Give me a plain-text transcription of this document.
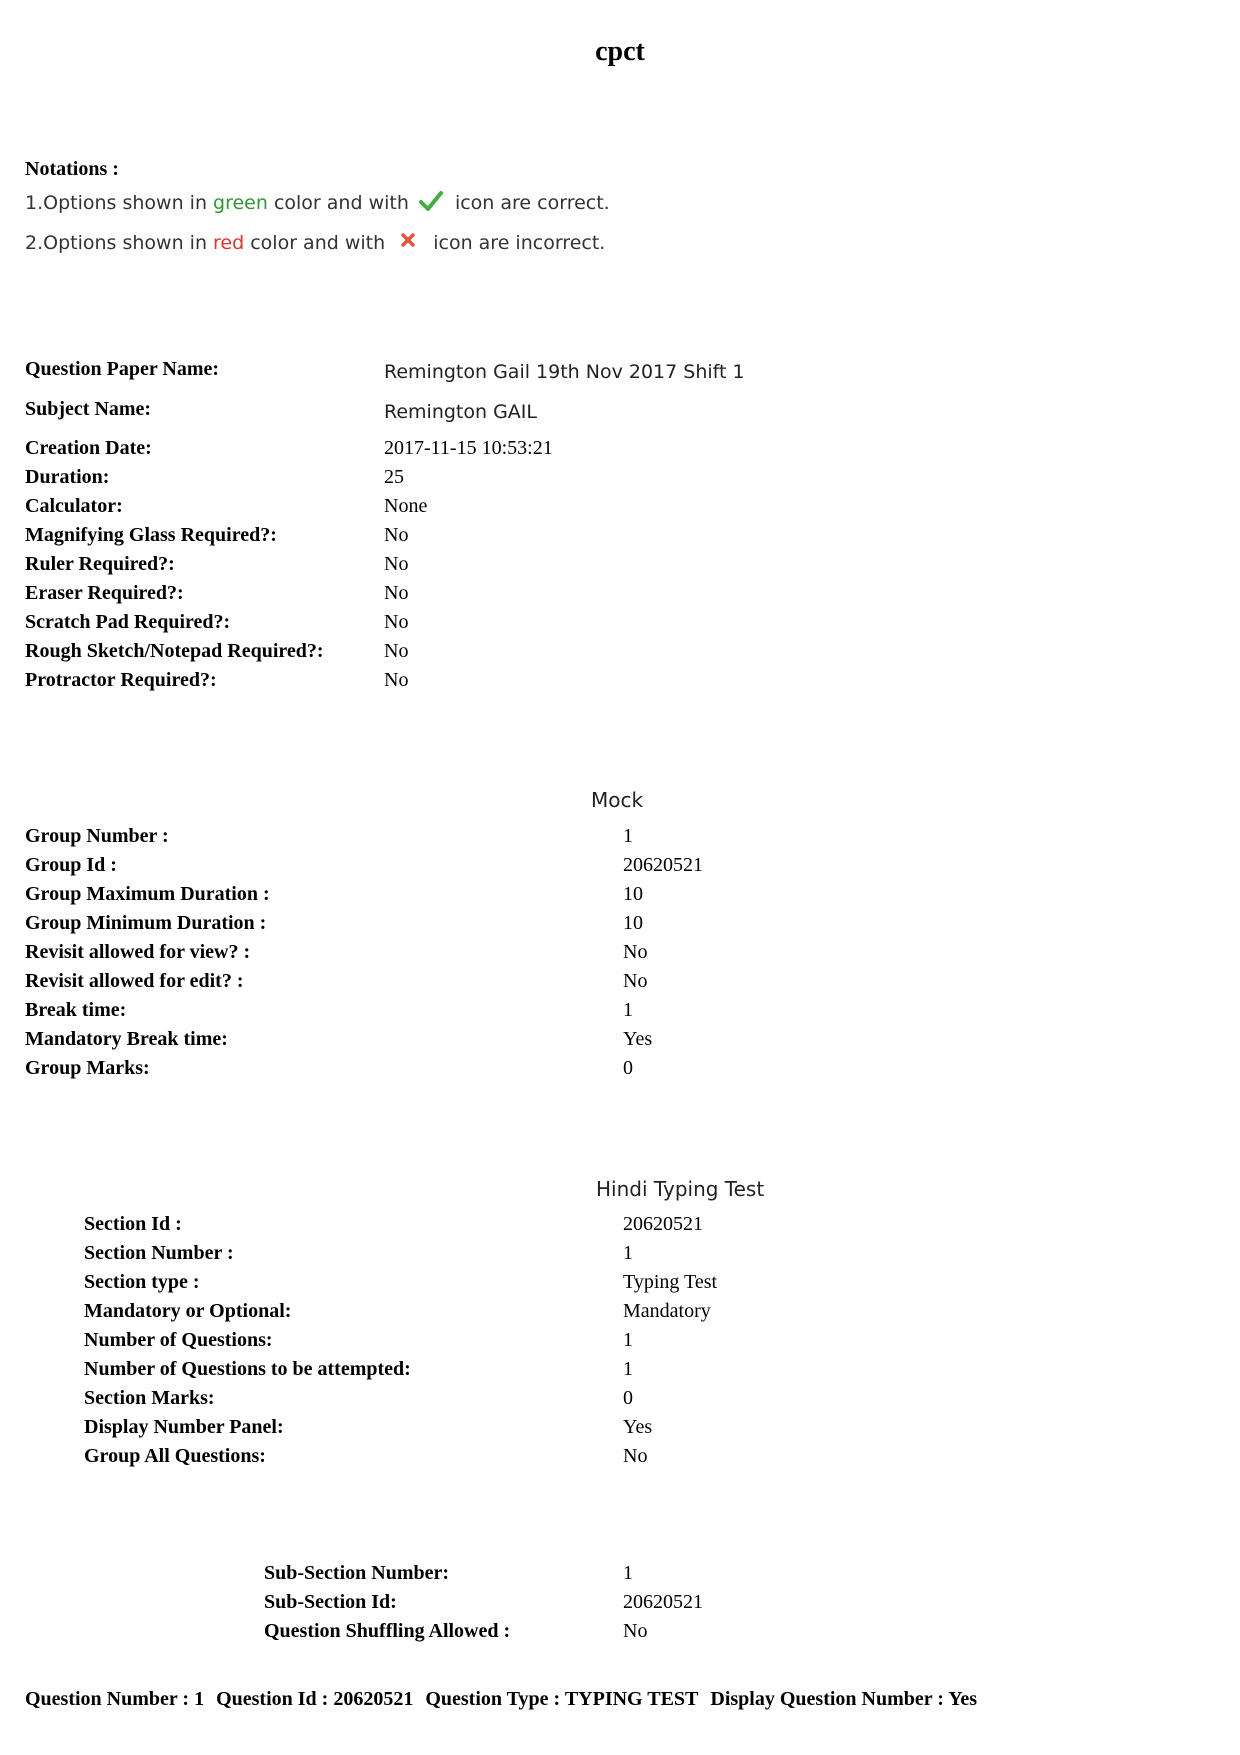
cpct
Notations :
1.Options shown in green color and with  icon are correct.
2.Options shown in red color and with  icon are incorrect.
Question Paper Name:	Remington Gail 19th Nov 2017 Shift 1
Subject Name:	Remington GAIL
Creation Date:	2017-11-15 10:53:21
Duration:	25
Calculator:	None
Magnifying Glass Required?:	No
Ruler Required?:	No
Eraser Required?:	No
Scratch Pad Required?:	No
Rough Sketch/Notepad Required?:	No
Protractor Required?:	No
Mock
Group Number :	1
Group Id :	20620521
Group Maximum Duration :	10
Group Minimum Duration :	10
Revisit allowed for view? :	No
Revisit allowed for edit? :	No
Break time:	1
Mandatory Break time:	Yes
Group Marks:	0
Hindi Typing Test
Section Id :	20620521
Section Number :	1
Section type :	Typing Test
Mandatory or Optional:	Mandatory
Number of Questions:	1
Number of Questions to be attempted:	1
Section Marks:	0
Display Number Panel:	Yes
Group All Questions:	No
Sub-Section Number:	1
Sub-Section Id:	20620521
Question Shuffling Allowed :	No
Question Number : 1 Question Id : 20620521 Question Type : TYPING TEST Display Question Number : Yes
